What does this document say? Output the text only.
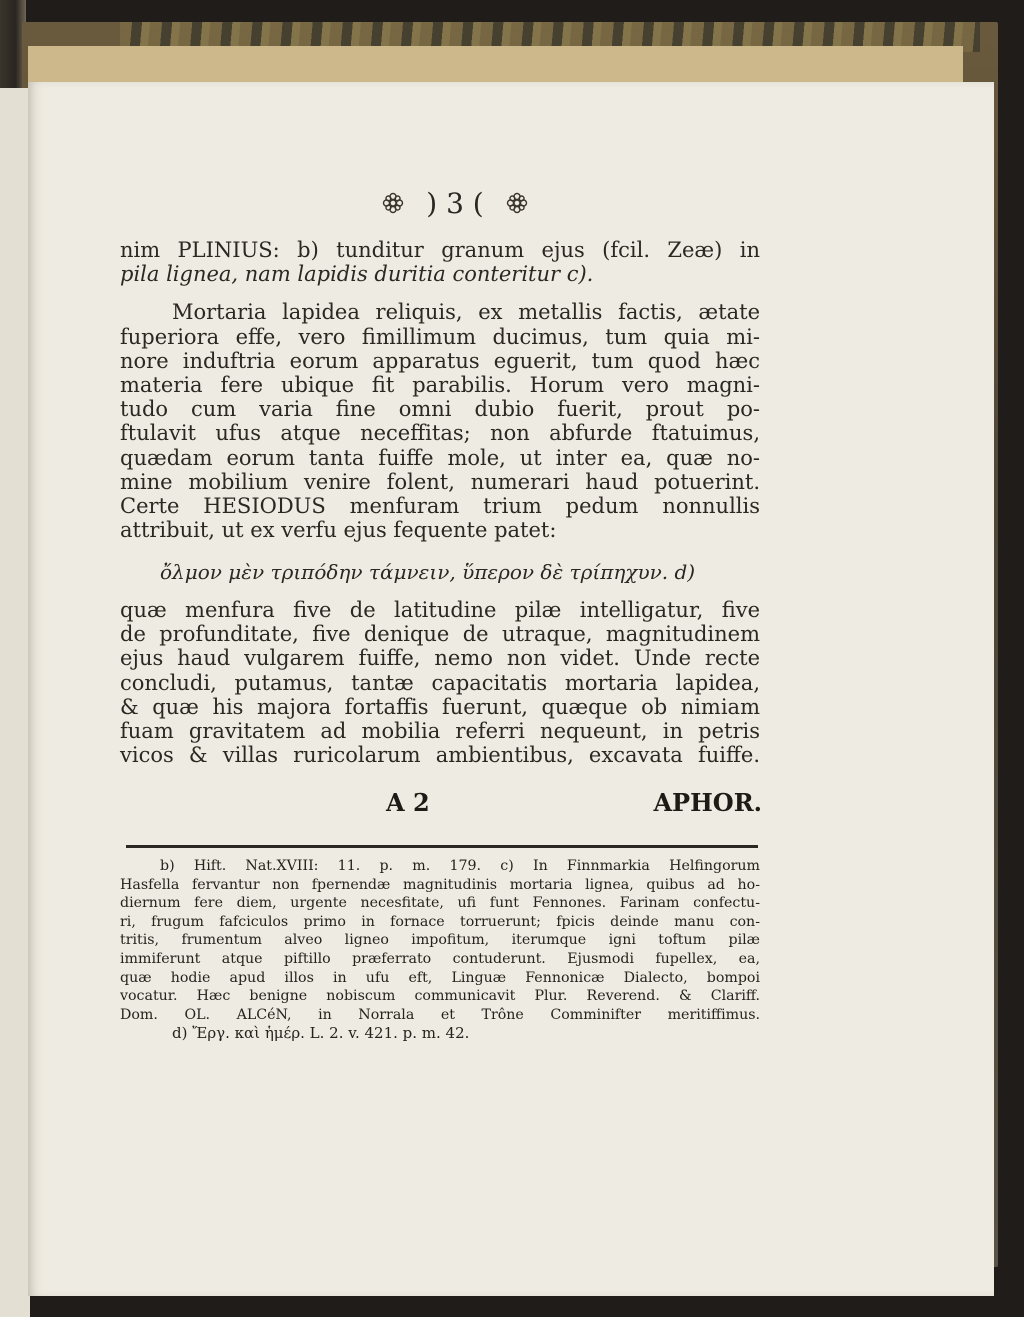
) 3 (
nim PLINIUS: b) tunditur granum ejus (fcil. Zeæ) in
pila lignea, nam lapidis duritia conteritur c).
Mortaria lapidea reliquis, ex metallis factis, ætate
fuperiora effe, vero fimillimum ducimus, tum quia mi-
nore induftria eorum apparatus eguerit, tum quod hæc
materia fere ubique fit parabilis. Horum vero magni-
tudo cum varia fine omni dubio fuerit, prout po-
ftulavit ufus atque neceffitas; non abfurde ftatuimus,
quædam eorum tanta fuiffe mole, ut inter ea, quæ no-
mine mobilium venire folent, numerari haud potuerint.
Certe HESIODUS menfuram trium pedum nonnullis
attribuit, ut ex verfu ejus fequente patet:
ὄλμον μὲν τριπόδην τάμνειν, ὕπερον δὲ τρίπηχυν. d)
quæ menfura five de latitudine pilæ intelligatur, five
de profunditate, five denique de utraque, magnitudinem
ejus haud vulgarem fuiffe, nemo non videt. Unde recte
concludi, putamus, tantæ capacitatis mortaria lapidea,
& quæ his majora fortaffis fuerunt, quæque ob nimiam
fuam gravitatem ad mobilia referri nequeunt, in petris
vicos & villas ruricolarum ambientibus, excavata fuiffe.
A 2	APHOR.
b) Hift. Nat.XVIII: 11. p. m. 179. c) In Finnmarkia Helfingorum
Hasfella fervantur non fpernendæ magnitudinis mortaria lignea, quibus ad ho-
diernum fere diem, urgente necesfitate, ufi funt Fennones. Farinam confectu-
ri, frugum fafciculos primo in fornace torruerunt; fpicis deinde manu con-
tritis, frumentum alveo ligneo impofitum, iterumque igni toftum pilæ
immiferunt atque piftillo præferrato contuderunt. Ejusmodi fupellex, ea,
quæ hodie apud illos in ufu eft, Linguæ Fennonicæ Dialecto, bompoi
vocatur. Hæc benigne nobiscum communicavit Plur. Reverend. & Clariff.
Dom. OL. ALCéN, in Norrala et Trône Comminifter meritiffimus.
d) Ἔργ. καὶ ἡμέρ. L. 2. v. 421. p. m. 42.
